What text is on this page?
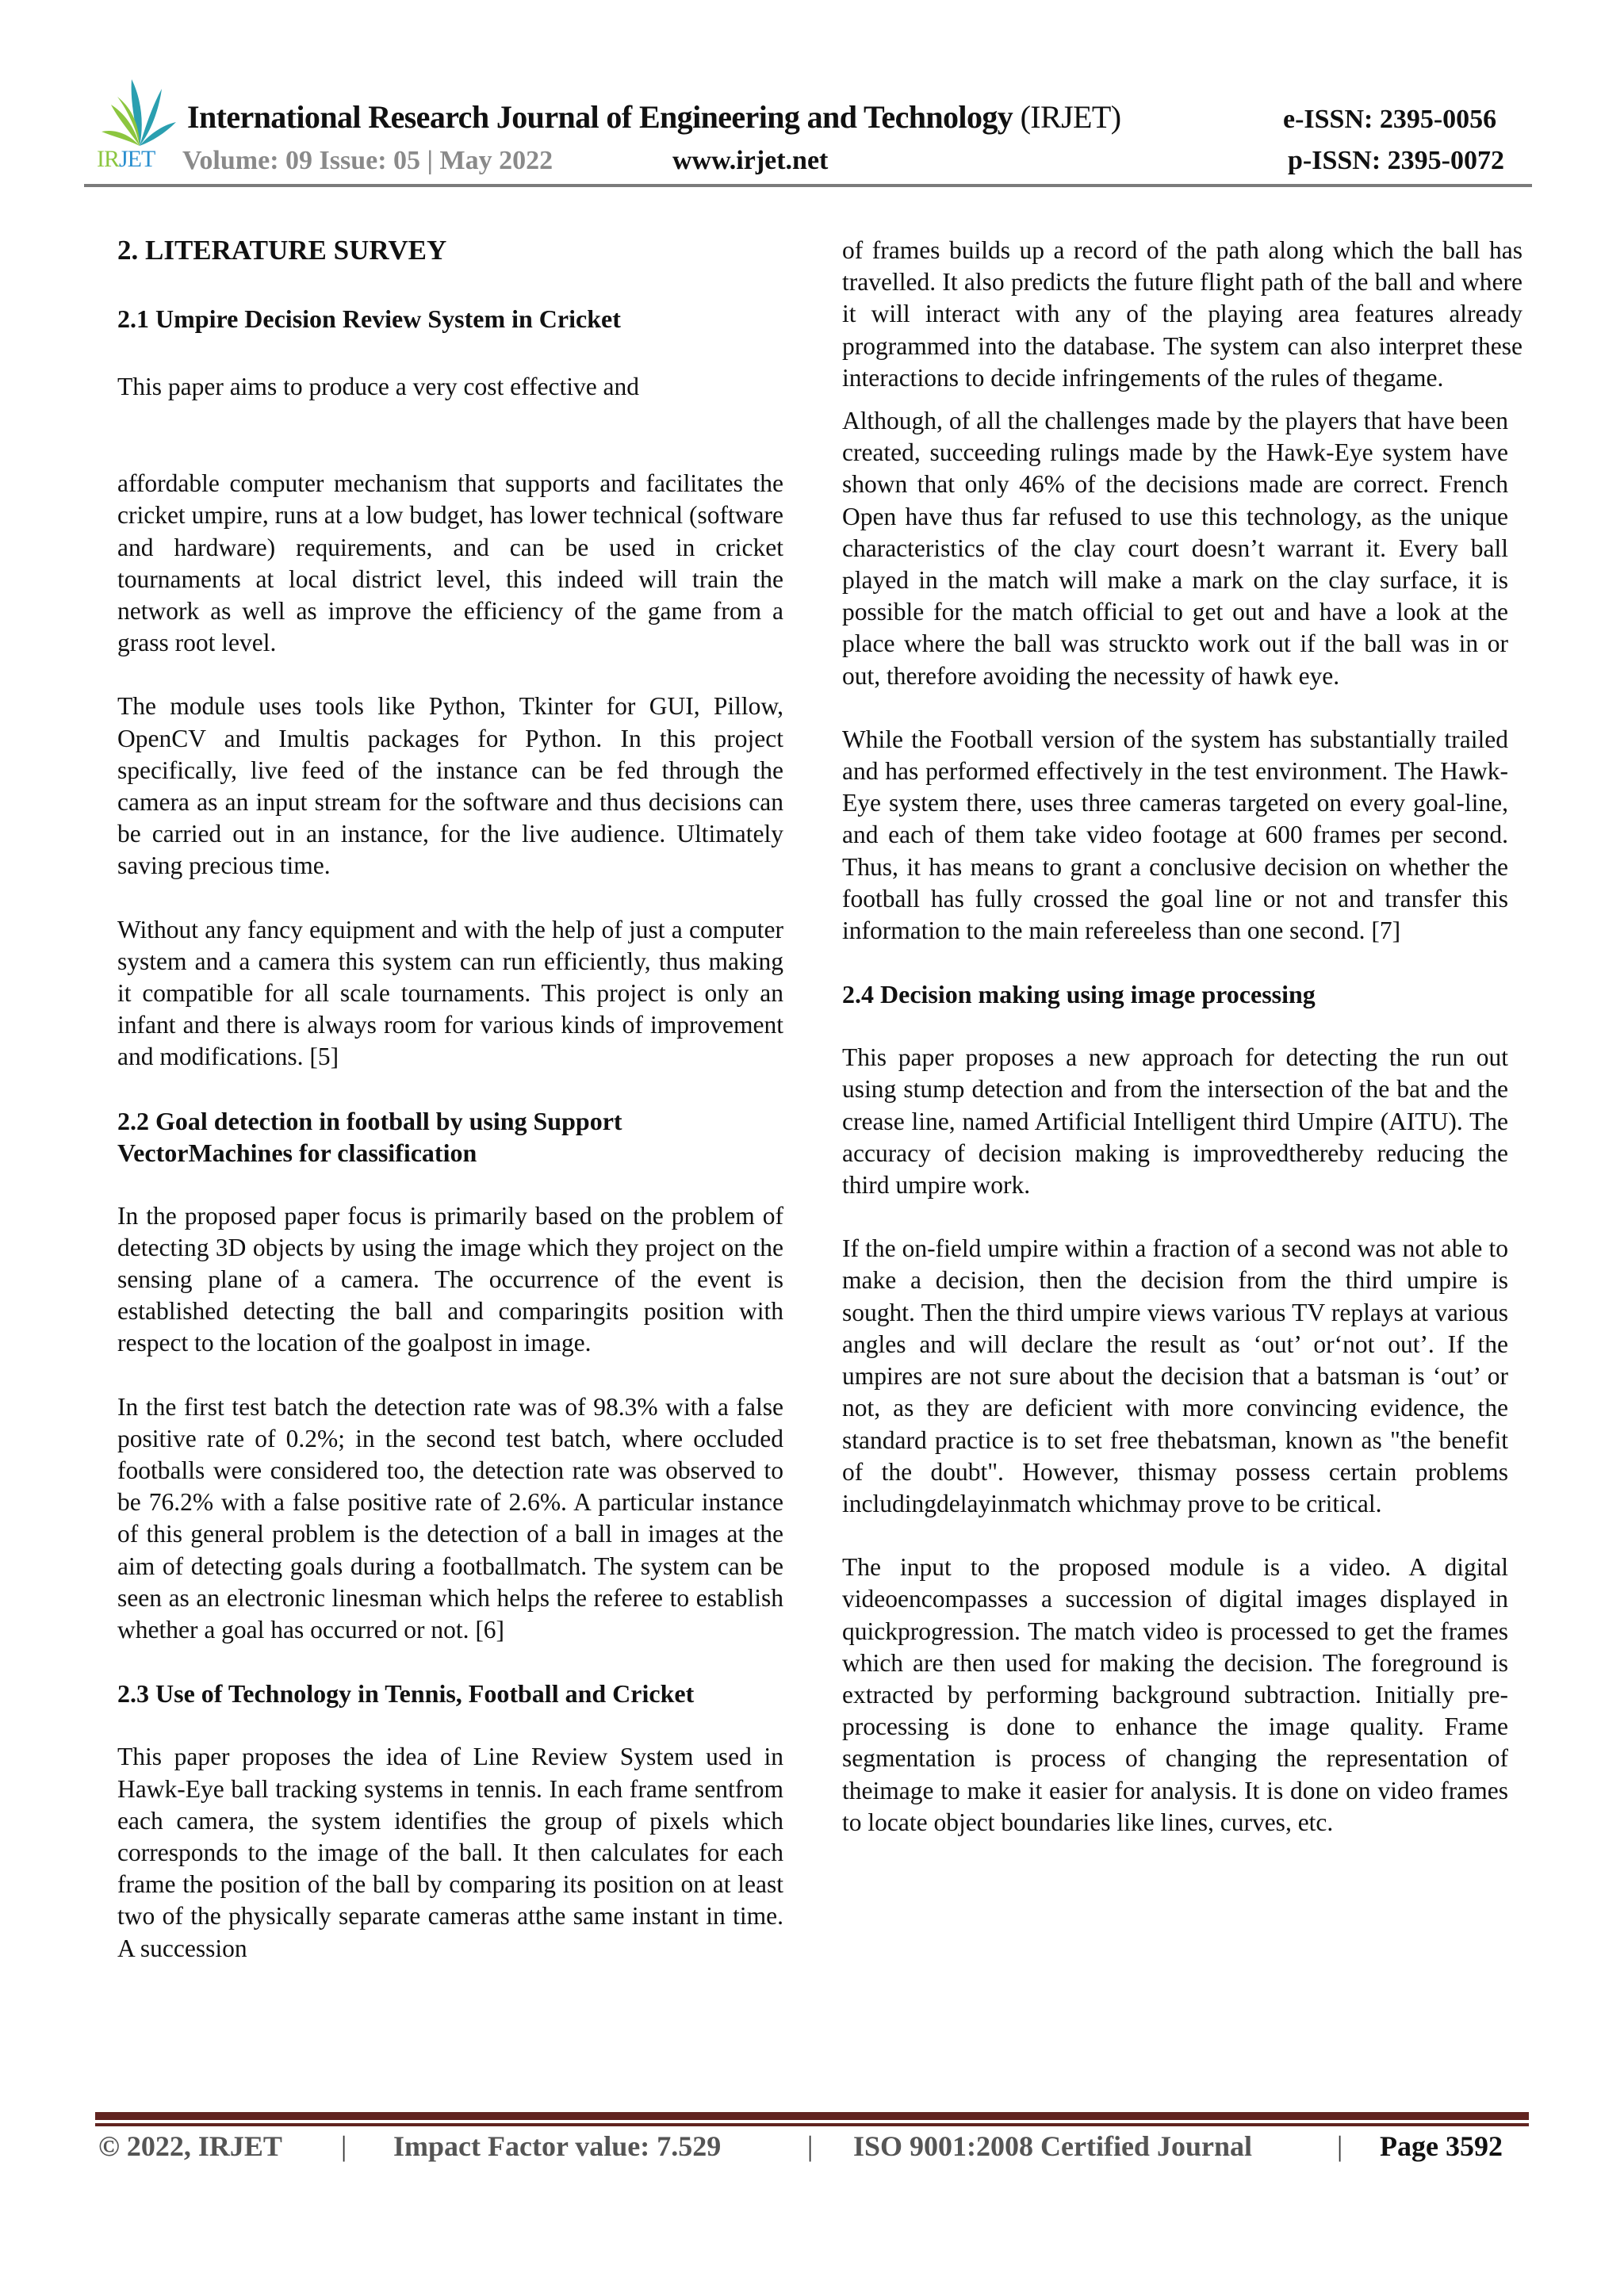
IRJET
International Research Journal of Engineering and Technology (IRJET)	e-ISSN: 2395-0056
Volume: 09 Issue: 05 | May 2022	www.irjet.net	p-ISSN: 2395-0072
2. LITERATURE SURVEY
2.1 Umpire Decision Review System in Cricket

This paper aims to produce a very cost effective and

affordable computer mechanism that supports and facilitates the cricket umpire, runs at a low budget, has lower technical (software and hardware) requirements, and can be used in cricket tournaments at local district level, this indeed will train the network as well as improve the efficiency of the game from a grass root level.

The module uses tools like Python, Tkinter for GUI, Pillow, OpenCV and Imultis packages for Python. In this project specifically, live feed of the instance can be fed through the camera as an input stream for the software and thus decisions can be carried out in an instance, for the live audience. Ultimately saving precious time.

Without any fancy equipment and with the help of just a computer system and a camera this system can run efficiently, thus making it compatible for all scale tournaments. This project is only an infant and there is always room for various kinds of improvement and modifications. [5]

2.2 Goal detection in football by using Support VectorMachines for classification

In the proposed paper focus is primarily based on the problem of detecting 3D objects by using the image which they project on the sensing plane of a camera. The occurrence of the event is established detecting the ball and comparingits position with respect to the location of the goalpost in image.

In the first test batch the detection rate was of 98.3% with a false positive rate of 0.2%; in the second test batch, where occluded footballs were considered too, the detection rate was observed to be 76.2% with a false positive rate of 2.6%. A particular instance of this general problem is the detection of a ball in images at the aim of detecting goals during a footballmatch. The system can be seen as an electronic linesman which helps the referee to establish whether a goal has occurred or not. [6]

2.3 Use of Technology in Tennis, Football and Cricket

This paper proposes the idea of Line Review System used in Hawk-Eye ball tracking systems in tennis. In each frame sentfrom each camera, the system identifies the group of pixels which corresponds to the image of the ball. It then calculates for each frame the position of the ball by comparing its position on at least two of the physically separate cameras atthe same instant in time. A succession

of frames builds up a record of the path along which the ball has travelled. It also predicts the future flight path of the ball and where it will interact with any of the playing area features already programmed into the database. The system can also interpret these interactions to decide infringements of the rules of thegame.

Although, of all the challenges made by the players that have been created, succeeding rulings made by the Hawk-Eye system have shown that only 46% of the decisions made are correct. French Open have thus far refused to use this technology, as the unique characteristics of the clay court doesn’t warrant it. Every ball played in the match will make a mark on the clay surface, it is possible for the match official to get out and have a look at the place where the ball was struckto work out if the ball was in or out, therefore avoiding the necessity of hawk eye.

While the Football version of the system has substantially trailed and has performed effectively in the test environment. The Hawk-Eye system there, uses three cameras targeted on every goal-line, and each of them take video footage at 600 frames per second. Thus, it has means to grant a conclusive decision on whether the football has fully crossed the goal line or not and transfer this information to the main refereeless than one second. [7]

2.4 Decision making using image processing

This paper proposes a new approach for detecting the run out using stump detection and from the intersection of the bat and the crease line, named Artificial Intelligent third Umpire (AITU). The accuracy of decision making is improvedthereby reducing the third umpire work.

If the on-field umpire within a fraction of a second was not able to make a decision, then the decision from the third umpire is sought. Then the third umpire views various TV replays at various angles and will declare the result as ‘out’ or‘not out’. If the umpires are not sure about the decision that a batsman is ‘out’ or not, as they are deficient with more convincing evidence, the standard practice is to set free thebatsman, known as "the benefit of the doubt". However, thismay possess certain problems includingdelayinmatch whichmay prove to be critical.

The input to the proposed module is a video. A digital videoencompasses a succession of digital images displayed in quickprogression. The match video is processed to get the frames which are then used for making the decision. The foreground is extracted by performing background subtraction. Initially pre-processing is done to enhance the image quality. Frame segmentation is process of changing the representation of theimage to make it easier for analysis. It is done on video frames to locate object boundaries like lines, curves, etc.

© 2022, IRJET | Impact Factor value: 7.529	| ISO 9001:2008 Certified Journal	| Page 3592
